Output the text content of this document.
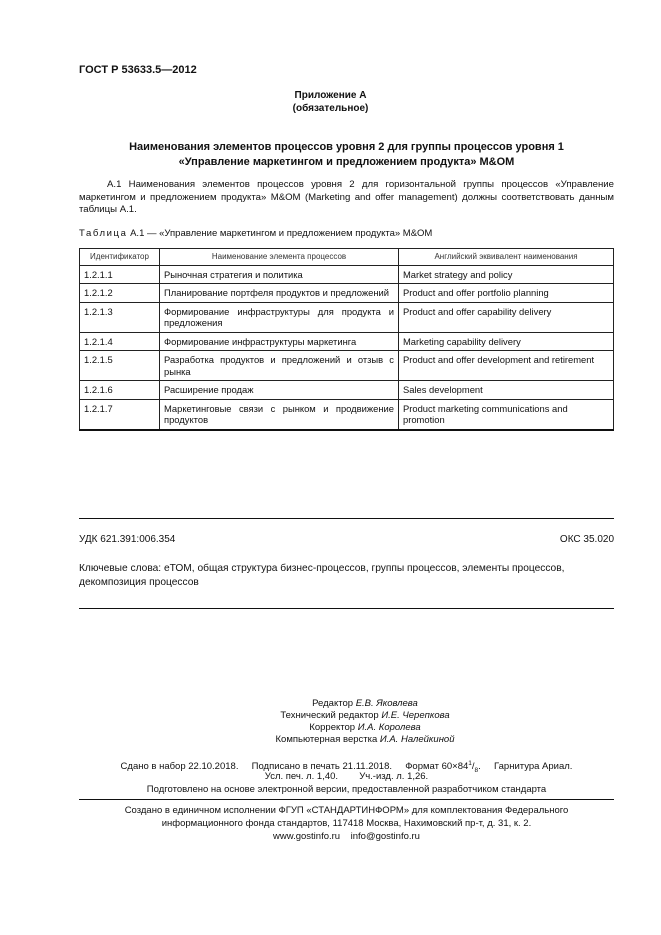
ГОСТ Р 53633.5—2012
Приложение А
(обязательное)
Наименования элементов процессов уровня 2 для группы процессов уровня 1
«Управление маркетингом и предложением продукта» М&ОМ
А.1 Наименования элементов процессов уровня 2 для горизонтальной группы процессов «Управление маркетингом и предложением продукта» М&ОМ (Marketing and offer management) должны соответствовать данным таблицы А.1.
Таблица А.1 — «Управление маркетингом и предложением продукта» М&ОМ
Идентификатор	Наименование элемента процессов	Английский эквивалент наименования
1.2.1.1	Рыночная стратегия и политика	Market strategy and policy
1.2.1.2	Планирование портфеля продуктов и предложений	Product and offer portfolio planning
1.2.1.3	Формирование инфраструктуры для продукта и предложения	Product and offer capability delivery
1.2.1.4	Формирование инфраструктуры маркетинга	Marketing capability delivery
1.2.1.5	Разработка продуктов и предложений и отзыв с рынка	Product and offer development and retirement
1.2.1.6	Расширение продаж	Sales development
1.2.1.7	Маркетинговые связи с рынком и продвижение продуктов	Product marketing communications and promotion
УДК 621.391:006.354	ОКС 35.020
Ключевые слова: еТОМ, общая структура бизнес-процессов, группы процессов, элементы процессов, декомпозиция процессов
Редактор Е.В. Яковлева
Технический редактор И.Е. Черепкова
Корректор И.А. Королева
Компьютерная верстка И.А. Налейкиной
Сдано в набор 22.10.2018. Подписано в печать 21.11.2018. Формат $60\times 84^1/_8$. Гарнитура Ариал.
Усл. печ. л. 1,40. Уч.-изд. л. 1,26.
Подготовлено на основе электронной версии, предоставленной разработчиком стандарта
Создано в единичном исполнении ФГУП «СТАНДАРТИНФОРМ» для комплектования Федерального
информационного фонда стандартов, 117418 Москва, Нахимовский пр-т, д. 31, к. 2.
www.gostinfo.ru info@gostinfo.ru
